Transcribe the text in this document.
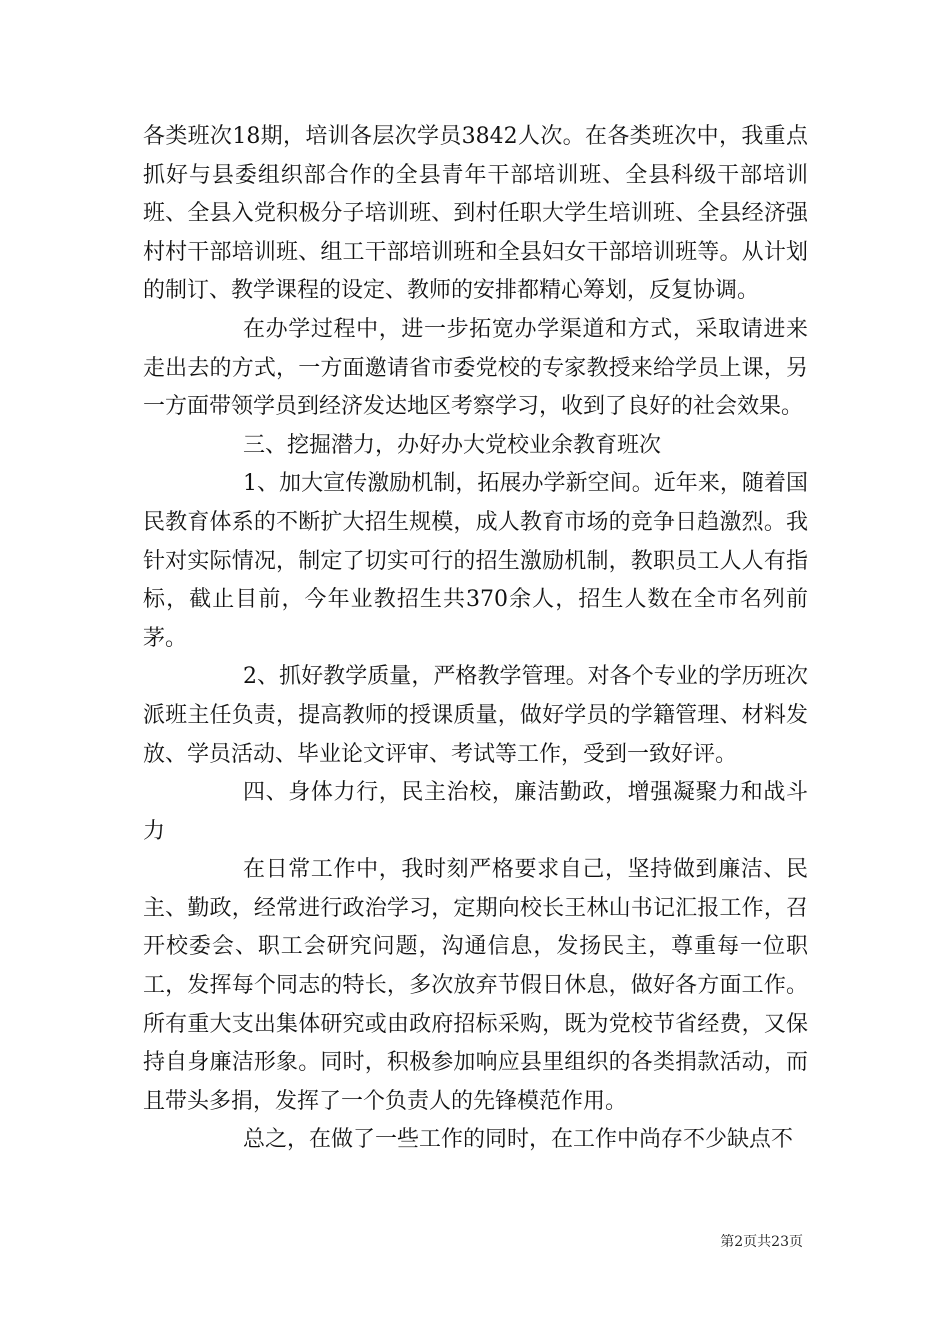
各类班次18期，培训各层次学员3842人次。在各类班次中，我重点抓好与县委组织部合作的全县青年干部培训班、全县科级干部培训班、全县入党积极分子培训班、到村任职大学生培训班、全县经济强村村干部培训班、组工干部培训班和全县妇女干部培训班等。从计划的制订、教学课程的设定、教师的安排都精心筹划，反复协调。

在办学过程中，进一步拓宽办学渠道和方式，采取请进来走出去的方式，一方面邀请省市委党校的专家教授来给学员上课，另一方面带领学员到经济发达地区考察学习，收到了良好的社会效果。

三、挖掘潜力，办好办大党校业余教育班次

1、加大宣传激励机制，拓展办学新空间。近年来，随着国民教育体系的不断扩大招生规模，成人教育市场的竞争日趋激烈。我针对实际情况，制定了切实可行的招生激励机制，教职员工人人有指标，截止目前，今年业教招生共370余人，招生人数在全市名列前茅。

2、抓好教学质量，严格教学管理。对各个专业的学历班次派班主任负责，提高教师的授课质量，做好学员的学籍管理、材料发放、学员活动、毕业论文评审、考试等工作，受到一致好评。

四、身体力行，民主治校，廉洁勤政，增强凝聚力和战斗力

在日常工作中，我时刻严格要求自己，坚持做到廉洁、民主、勤政，经常进行政治学习，定期向校长王林山书记汇报工作，召开校委会、职工会研究问题，沟通信息，发扬民主，尊重每一位职工，发挥每个同志的特长，多次放弃节假日休息，做好各方面工作。所有重大支出集体研究或由政府招标采购，既为党校节省经费，又保持自身廉洁形象。同时，积极参加响应县里组织的各类捐款活动，而且带头多捐，发挥了一个负责人的先锋模范作用。

总之，在做了一些工作的同时，在工作中尚存不少缺点不

第2页共23页
